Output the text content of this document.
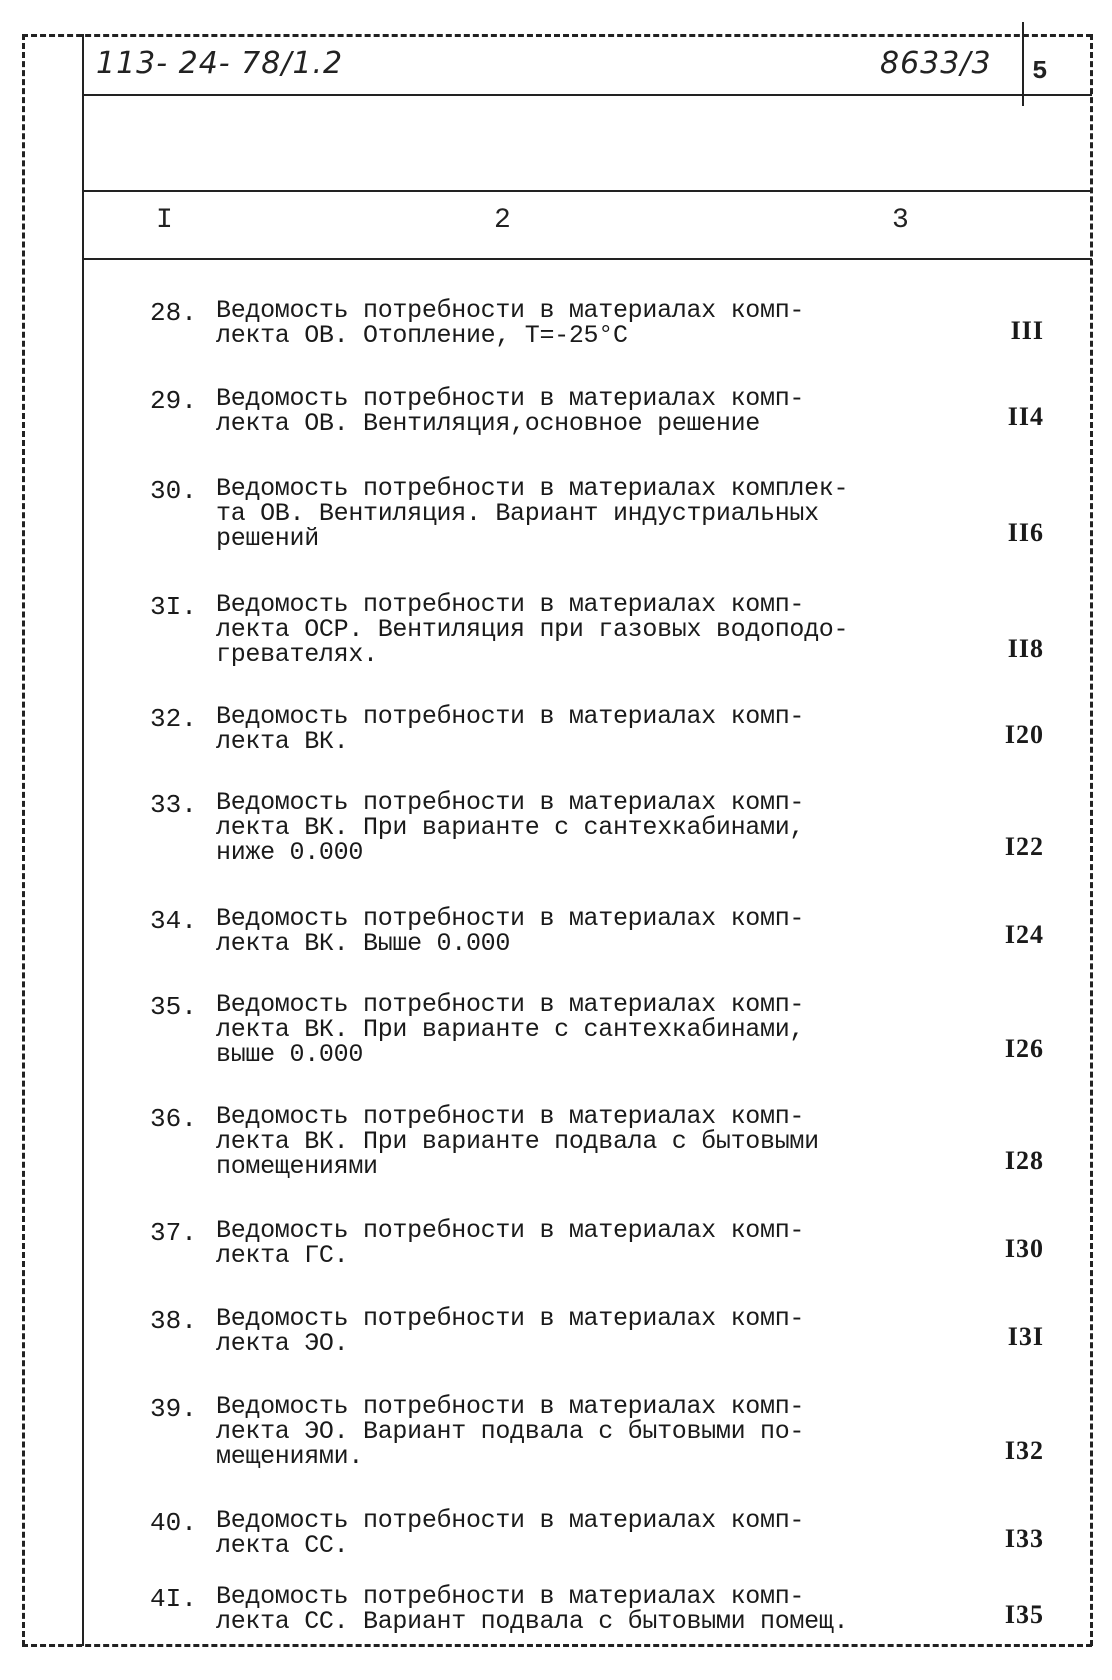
113- 24- 78/1.2	8633/3 5
I	2	3
28. Ведомость потребности в материалах комп-
лекта ОВ. Отопление, Т=-25°С	III
29. Ведомость потребности в материалах комп-
лекта ОВ. Вентиляция,основное решение	II4
30. Ведомость потребности в материалах комплек-
та ОВ. Вентиляция. Вариант индустриальных
решений	II6
3I. Ведомость потребности в материалах комп-
лекта ОСР. Вентиляция при газовых водоподо-
гревателях.	II8
32. Ведомость потребности в материалах комп-
лекта ВК.	I20
33. Ведомость потребности в материалах комп-
лекта ВК. При варианте с сантехкабинами,
ниже 0.000	I22
34. Ведомость потребности в материалах комп-
лекта ВК. Выше 0.000	I24
35. Ведомость потребности в материалах комп-
лекта ВК. При варианте с сантехкабинами,
выше 0.000	I26
36. Ведомость потребности в материалах комп-
лекта ВК. При варианте подвала с бытовыми
помещениями	I28
37. Ведомость потребности в материалах комп-
лекта ГС.	I30
38. Ведомость потребности в материалах комп-
лекта ЭО.	I3I
39. Ведомость потребности в материалах комп-
лекта ЭО. Вариант подвала с бытовыми по-
мещениями.	I32
40. Ведомость потребности в материалах комп-
лекта СС.	I33
4I. Ведомость потребности в материалах комп-
лекта СС. Вариант подвала с бытовыми помещ.	I35
